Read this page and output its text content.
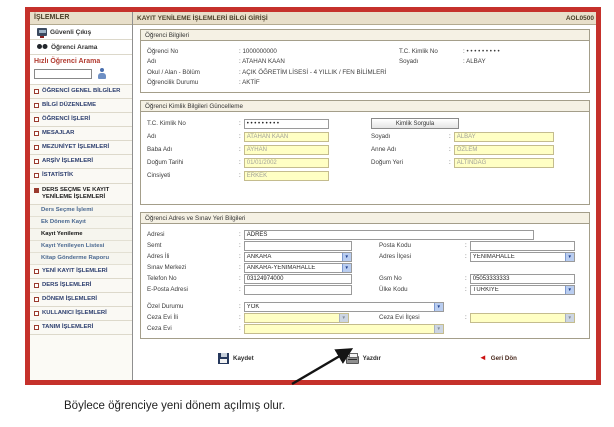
İŞLEMLER
Güvenli Çıkış
Öğrenci Arama
Hızlı Öğrenci Arama
ÖĞRENCİ GENEL BİLGİLER
BİLGİ DÜZENLEME
ÖĞRENCİ İŞLERİ
MESAJLAR
MEZUNİYET İŞLEMLERİ
ARŞİV İŞLEMLERİ
İSTATİSTİK
DERS SEÇME VE KAYIT YENİLEME İŞLEMLERİ
Ders Seçme İşlemi
Ek Dönem Kayıt
Kayıt Yenileme
Kayıt Yenileyen Listesi
Kitap Gönderme Raporu
YENİ KAYIT İŞLEMLERİ
DERS İŞLEMLERİ
DÖNEM İŞLEMLERİ
KULLANICI İŞLEMLERİ
TANIM İŞLEMLERİ
KAYIT YENİLEME İŞLEMLERİ BİLGİ GİRİŞİ	AOL0500
Öğrenci Bilgileri
Öğrenci No	: 1000000000	T.C. Kimlik No	: • • • • • • • • •
Adı	: ATAHAN KAAN	Soyadı	: ALBAY
Okul / Alan - Bölüm	: AÇIK ÖĞRETİM LİSESİ - 4 YILLIK / FEN BİLİMLERİ
Öğrencilik Durumu	: AKTİF
Öğrenci Kimlik Bilgileri Güncelleme
T.C. Kimlik No	: • • • • • • • • •	Kimlik Sorgula
Adı	: ATAHAN KAAN	Soyadı	: ALBAY
Baba Adı	: AYHAN	Anne Adı	: ÖZLEM
Doğum Tarihi	: 01/01/2002	Doğum Yeri	: ALTINDAĞ
Cinsiyeti	: ERKEK
Öğrenci Adres ve Sınav Yeri Bilgileri
Adresi	: ADRES
Semt :	Posta Kodu
:
Adres İli	: ANKARA	▼	Adres İlçesi	: YENİMAHALLE	▼
Sınav Merkezi	: ANKARA-YENİMAHALLE	▼
Telefon No	: 03124974000	Gsm No	: 05053333333
E-Posta Adresi :	Ülke Kodu	: TÜRKİYE	▼
Özel Durumu	: YOK	▼
Ceza Evi İli	: ▼	Ceza Evi İlçesi	: ▼
Ceza Evi	: ▼
Kaydet	Yazdır	◄ Geri Dön
Böylece öğrenciye yeni dönem açılmış olur.
